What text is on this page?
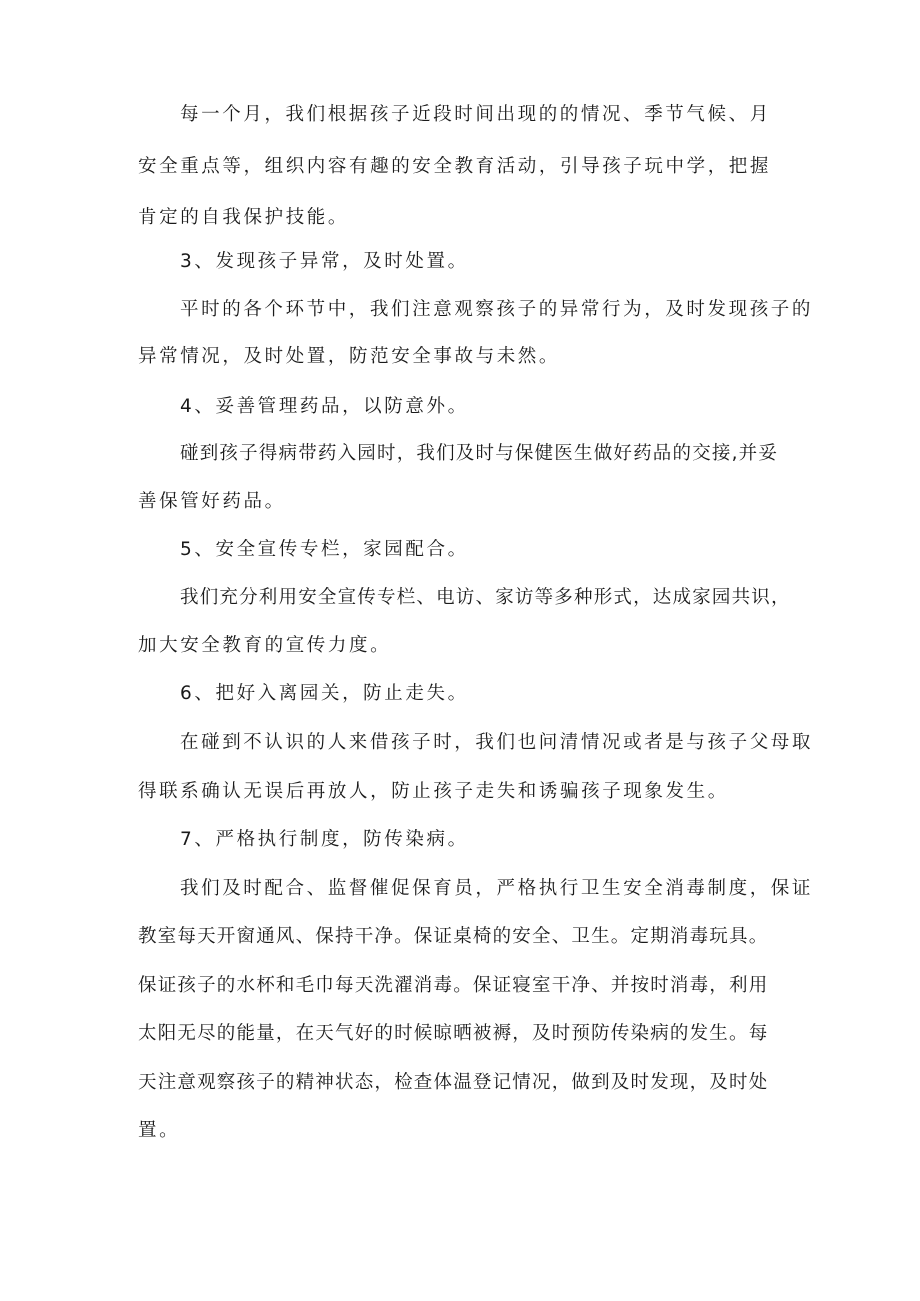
每一个月，我们根据孩子近段时间出现的的情况、季节气候、月
安全重点等，组织内容有趣的安全教育活动，引导孩子玩中学，把握
肯定的自我保护技能。
3、发现孩子异常，及时处置。
平时的各个环节中，我们注意观察孩子的异常行为，及时发现孩子的
异常情况，及时处置，防范安全事故与未然。
4、妥善管理药品，以防意外。
碰到孩子得病带药入园时，我们及时与保健医生做好药品的交接,并妥
善保管好药品。
5、安全宣传专栏，家园配合。
我们充分利用安全宣传专栏、电访、家访等多种形式，达成家园共识，
加大安全教育的宣传力度。
6、把好入离园关，防止走失。
在碰到不认识的人来借孩子时，我们也问清情况或者是与孩子父母取
得联系确认无误后再放人，防止孩子走失和诱骗孩子现象发生。
7、严格执行制度，防传染病。
我们及时配合、监督催促保育员，严格执行卫生安全消毒制度，保证
教室每天开窗通风、保持干净。保证桌椅的安全、卫生。定期消毒玩具。
保证孩子的水杯和毛巾每天洗濯消毒。保证寝室干净、并按时消毒，利用
太阳无尽的能量，在天气好的时候晾晒被褥，及时预防传染病的发生。每
天注意观察孩子的精神状态，检查体温登记情况，做到及时发现，及时处
置。
